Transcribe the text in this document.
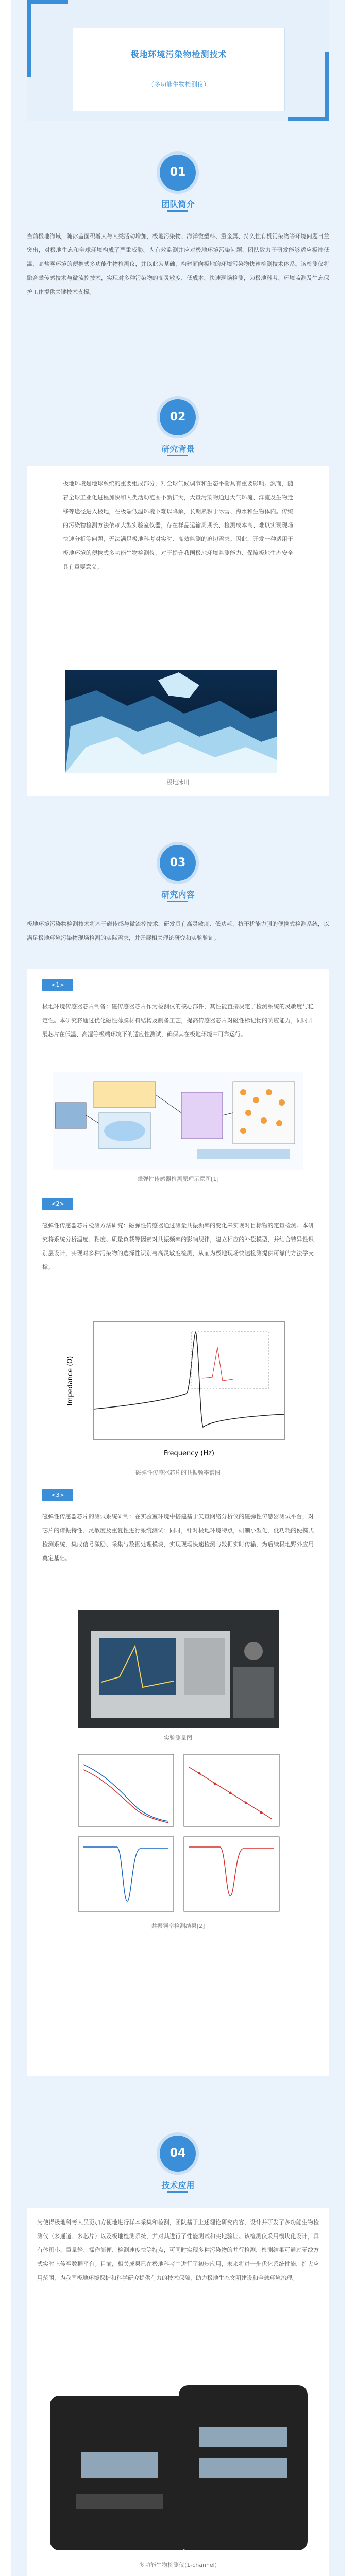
极地环境污染物检测技术
（多功能生物检测仪）
01
团队简介
当前极地海域，随冰盖面积增大与人类活动增加，极地污染物、海洋微塑料、重金属、持久性有机污染物等环境问题日益突出，对极地生态和全球环境构成了严重威胁。为有效监测并应对极地环境污染问题，团队致力于研发能够适应极端低温、高盐雾环境的便携式多功能生物检测仪，并以此为基础，构建面向极地的环境污染物快速检测技术体系。该检测仪将融合磁传感技术与微流控技术，实现对多种污染物的高灵敏度、低成本、快速现场检测，为极地科考、环境监测及生态保护工作提供关键技术支撑。
02
研究背景
极地环境是地球系统的重要组成部分，对全球气候调节和生态平衡具有重要影响。然而，随着全球工业化进程加快和人类活动范围不断扩大，大量污染物通过大气环流、洋流及生物迁移等途径进入极地，在极端低温环境下难以降解，长期累积于冰雪、海水和生物体内。传统的污染物检测方法依赖大型实验室仪器，存在样品运输周期长、检测成本高、难以实现现场快速分析等问题，无法满足极地科考对实时、高效监测的迫切需求。因此，开发一种适用于极地环境的便携式多功能生物检测仪，对于提升我国极地环境监测能力、保障极地生态安全具有重要意义。
极地冰川
03
研究内容
极地环境污染物检测技术将基于磁传感与微流控技术，研发具有高灵敏度、低功耗、抗干扰能力强的便携式检测系统，以满足极地环境污染物现场检测的实际需求，并开展相关理论研究和实验验证。
<1>
极地环境传感器芯片制备：磁传感器芯片作为检测仪的核心部件，其性能直接决定了检测系统的灵敏度与稳定性。本研究将通过优化磁性薄膜材料结构及制备工艺，提高传感器芯片对磁性标记物的响应能力，同时开展芯片在低温、高湿等极端环境下的适应性测试，确保其在极地环境中可靠运行。
磁弹性传感器检测原理示意图[1]
<2>
磁弹性传感器芯片检测方法研究：磁弹性传感器通过测量共振频率的变化来实现对目标物的定量检测。本研究将系统分析温度、粘度、质量负载等因素对共振频率的影响规律，建立相应的补偿模型，并结合特异性识别层设计，实现对多种污染物的选择性识别与高灵敏度检测，从而为极地现场快速检测提供可靠的方法学支撑。
Impedance (Ω)
Frequency (Hz)
磁弹性传感器芯片的共振频率谱图
<3>
磁弹性传感器芯片的测试系统研制：在实验室环境中搭建基于矢量网络分析仪的磁弹性传感器测试平台，对芯片的谐振特性、灵敏度及重复性进行系统测试；同时，针对极地环境特点，研制小型化、低功耗的便携式检测系统，集成信号激励、采集与数据处理模块，实现现场快速检测与数据实时传输，为后续极地野外应用奠定基础。
实验测量图
共振频率检测结果[2]
04
技术应用
为使得极地科考人员更加方便地进行样本采集和检测，团队基于上述理论研究内容，设计并研发了多功能生物检测仪（多通道、多芯片）以及极地检测系统，并对其进行了性能测试和实地验证。该检测仪采用模块化设计，具有体积小、重量轻、操作简便、检测速度快等特点，可同时实现多种污染物的并行检测，检测结果可通过无线方式实时上传至数据平台。目前，相关成果已在极地科考中进行了初步应用，未来将进一步优化系统性能，扩大应用范围，为我国极地环境保护和科学研究提供有力的技术保障，助力极地生态文明建设和全球环境治理。
多功能生物检测仪(1-channel)
